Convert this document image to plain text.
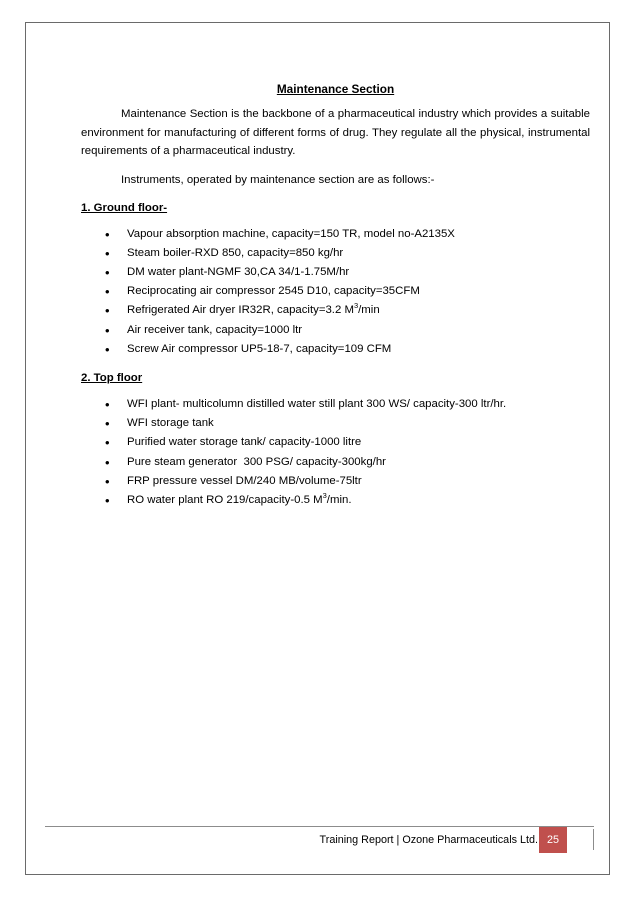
Maintenance Section

Maintenance Section is the backbone of a pharmaceutical industry which provides a suitable environment for manufacturing of different forms of drug. They regulate all the physical, instrumental requirements of a pharmaceutical industry.

Instruments, operated by maintenance section are as follows:-

1. Ground floor-
• Vapour absorption machine, capacity=150 TR, model no-A2135X
• Steam boiler-RXD 850, capacity=850 kg/hr
• DM water plant-NGMF 30,CA 34/1-1.75M/hr
• Reciprocating air compressor 2545 D10, capacity=35CFM
• Refrigerated Air dryer IR32R, capacity=3.2 $M^3/\min$
• Air receiver tank, capacity=1000 ltr
• Screw Air compressor UP5-18-7, capacity=109 CFM
2. Top floor
• WFI plant- multicolumn distilled water still plant 300 WS/ capacity-300 ltr/hr.
• WFI storage tank
• Purified water storage tank/ capacity-1000 litre
• Pure steam generator  300 PSG/ capacity-300kg/hr
• FRP pressure vessel DM/240 MB/volume-75ltr
• RO water plant RO 219/capacity-0.5 $M^3/\min$.
Training Report | Ozone Pharmaceuticals Ltd. 25
